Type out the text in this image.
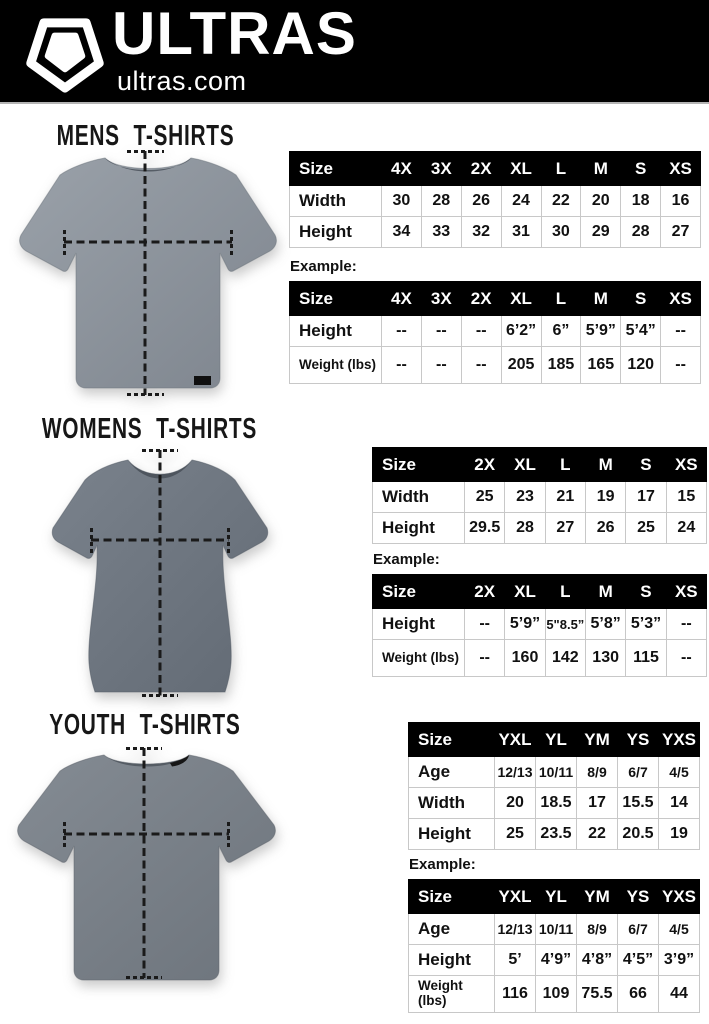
ULTRAS
ultras.com
MENS T-SHIRTS
Size	4X	3X	2X	XL	L	M	S	XS
Width	30	28	26	24	22	20	18	16
Height	34	33	32	31	30	29	28	27
Example:
Size	4X	3X	2X	XL	L	M	S	XS
Height	--	--	--	6’2”	6”	5’9”	5’4”	--
Weight (lbs)	--	--	--	205	185	165	120	--
WOMENS T-SHIRTS
Size	2X	XL	L	M	S	XS
Width	25	23	21	19	17	15
Height	29.5	28	27	26	25	24
Example:
Size	2X	XL	L	M	S	XS
Height	--	5’9”	5"8.5”	5’8”	5’3”	--
Weight (lbs)	--	160	142	130	115	--
YOUTH T-SHIRTS	Size	YXL	YL	YM	YS	YXS
Age	12/13	10/11	8/9	6/7	4/5
Width	20	18.5	17	15.5	14
Height	25	23.5	22	20.5	19
Example:
Size	YXL	YL	YM	YS	YXS
Age	12/13	10/11	8/9	6/7	4/5
Height	5’	4’9”	4’8”	4’5”	3’9”
Weight (lbs)	116	109	75.5	66	44
